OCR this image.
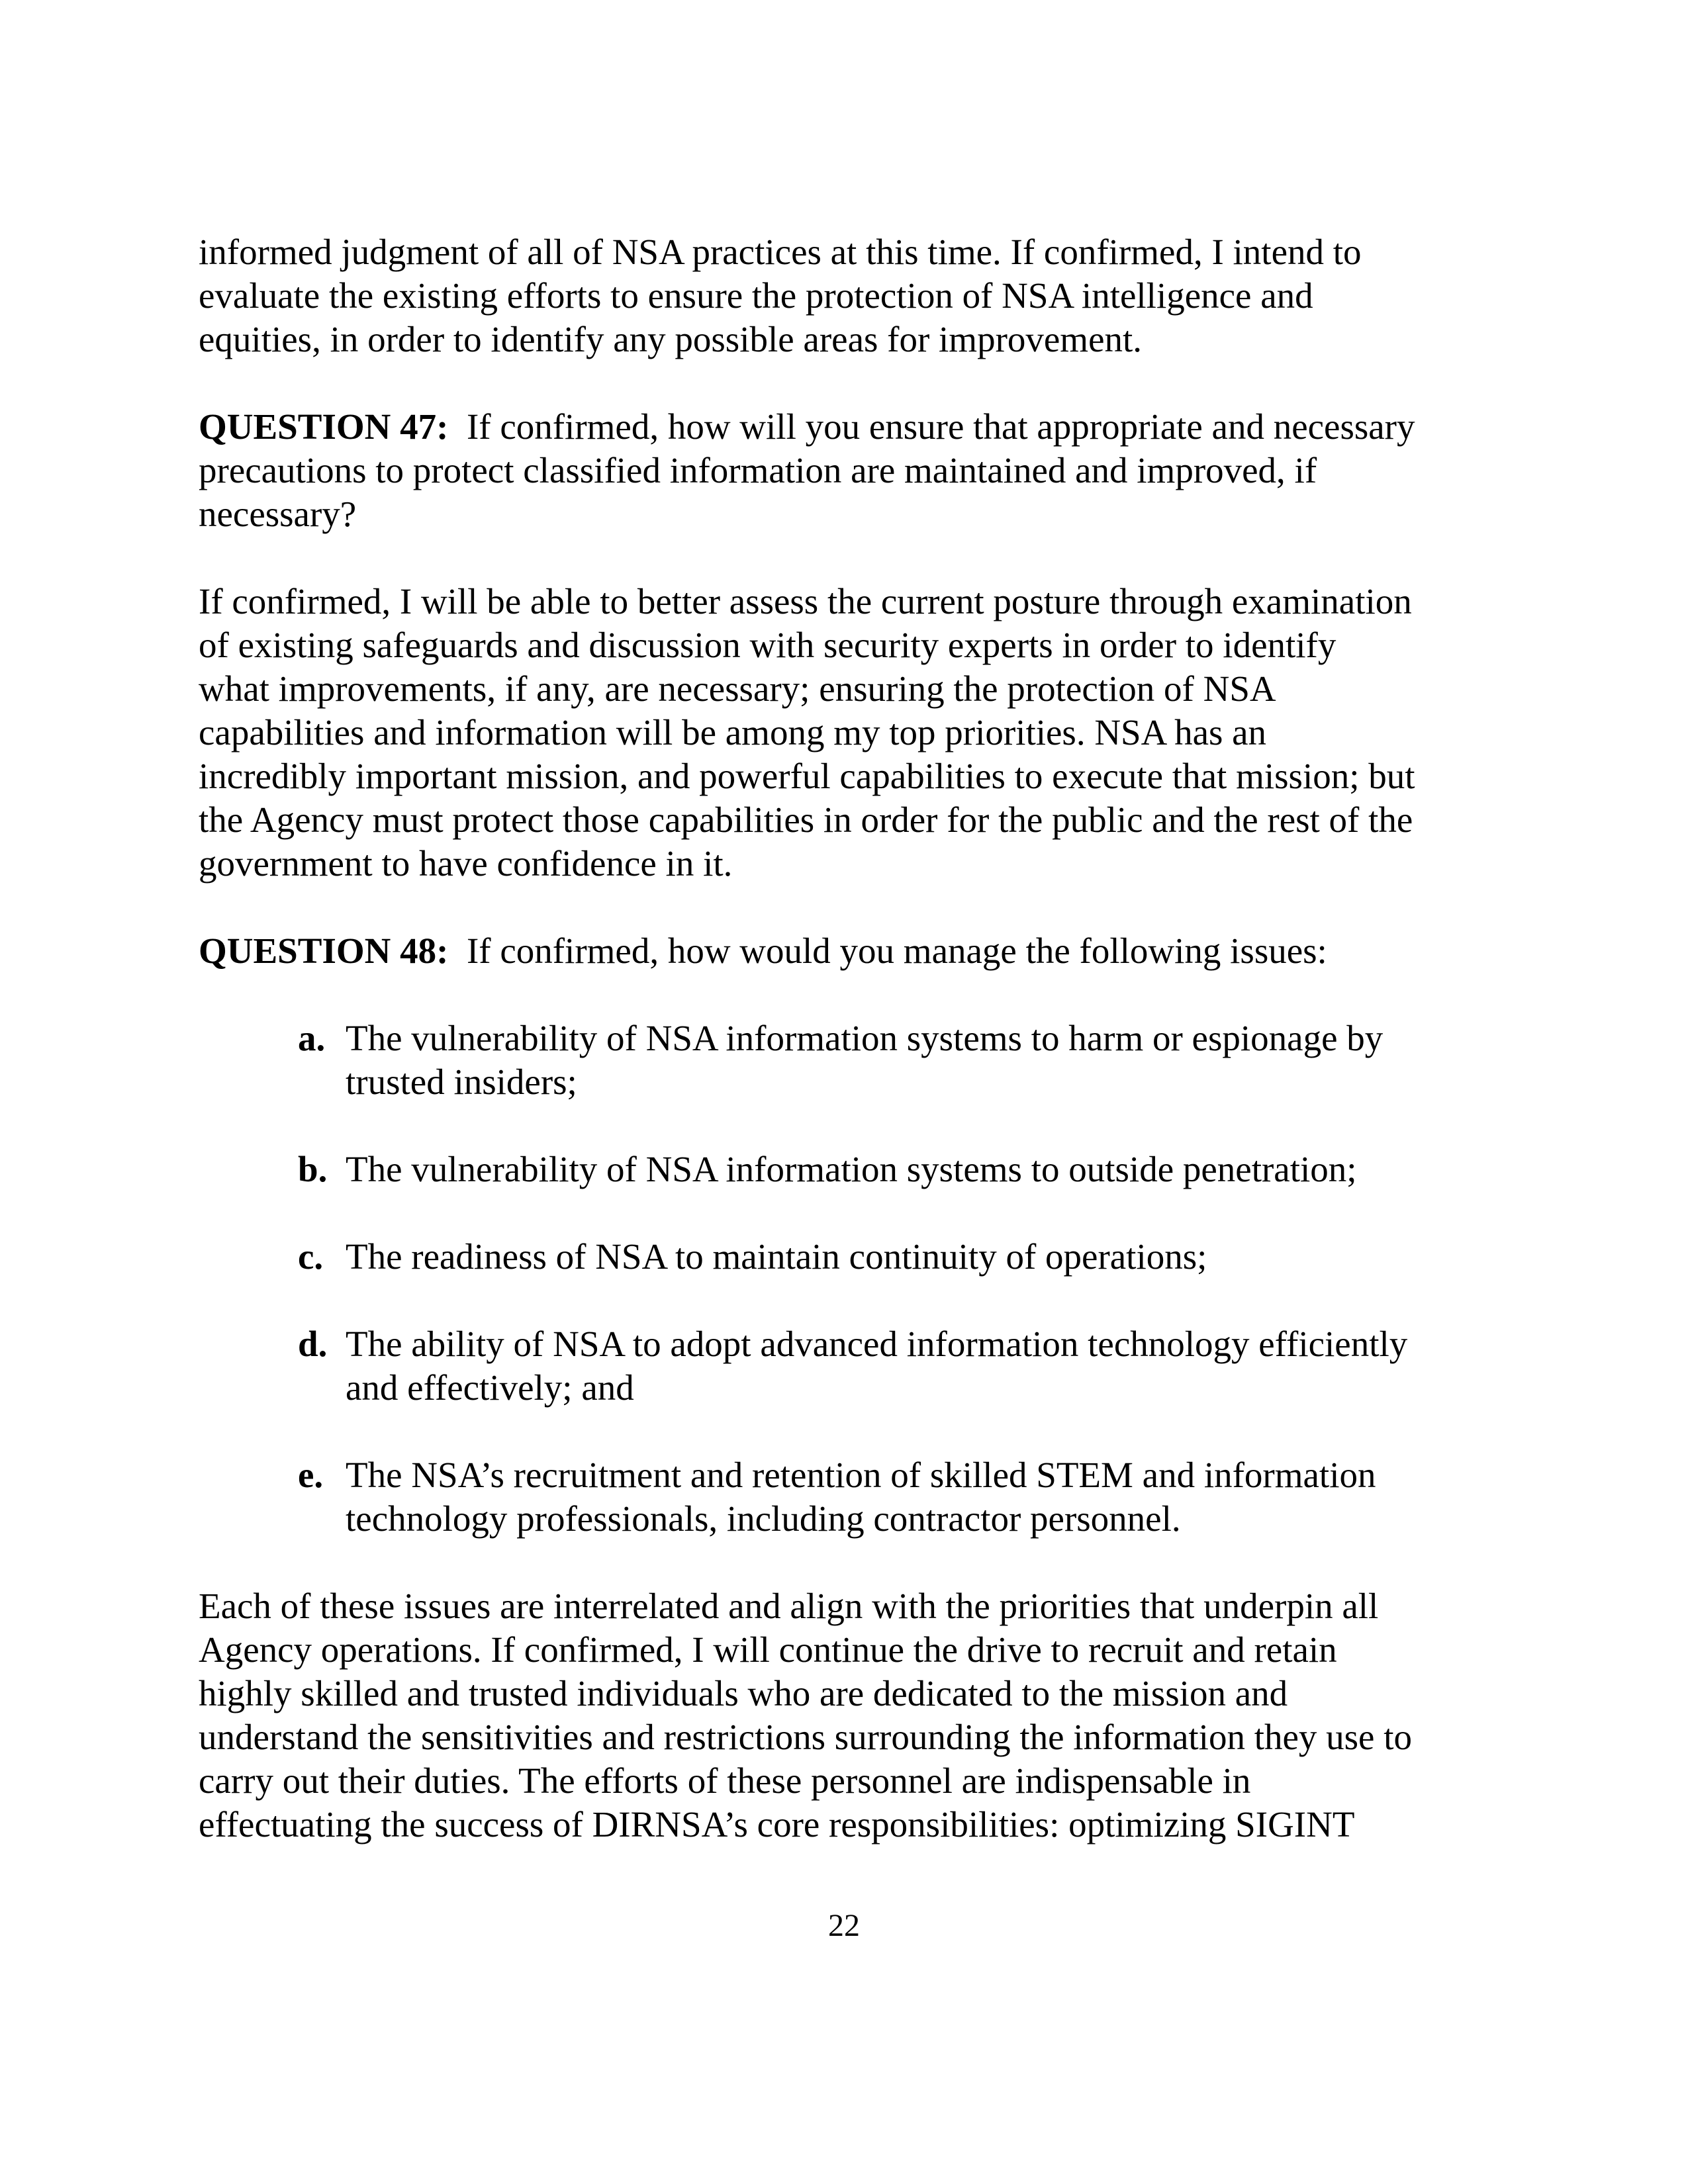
informed judgment of all of NSA practices at this time. If confirmed, I intend to
evaluate the existing efforts to ensure the protection of NSA intelligence and
equities, in order to identify any possible areas for improvement.
QUESTION 47:  If confirmed, how will you ensure that appropriate and necessary
precautions to protect classified information are maintained and improved, if
necessary?
If confirmed, I will be able to better assess the current posture through examination
of existing safeguards and discussion with security experts in order to identify
what improvements, if any, are necessary; ensuring the protection of NSA
capabilities and information will be among my top priorities. NSA has an
incredibly important mission, and powerful capabilities to execute that mission; but
the Agency must protect those capabilities in order for the public and the rest of the
government to have confidence in it.
QUESTION 48:  If confirmed, how would you manage the following issues:
a. The vulnerability of NSA information systems to harm or espionage by
trusted insiders;
b. The vulnerability of NSA information systems to outside penetration;
c. The readiness of NSA to maintain continuity of operations;
d. The ability of NSA to adopt advanced information technology efficiently
and effectively; and
e. The NSA’s recruitment and retention of skilled STEM and information
technology professionals, including contractor personnel.
Each of these issues are interrelated and align with the priorities that underpin all
Agency operations. If confirmed, I will continue the drive to recruit and retain
highly skilled and trusted individuals who are dedicated to the mission and
understand the sensitivities and restrictions surrounding the information they use to
carry out their duties. The efforts of these personnel are indispensable in
effectuating the success of DIRNSA’s core responsibilities: optimizing SIGINT
22
